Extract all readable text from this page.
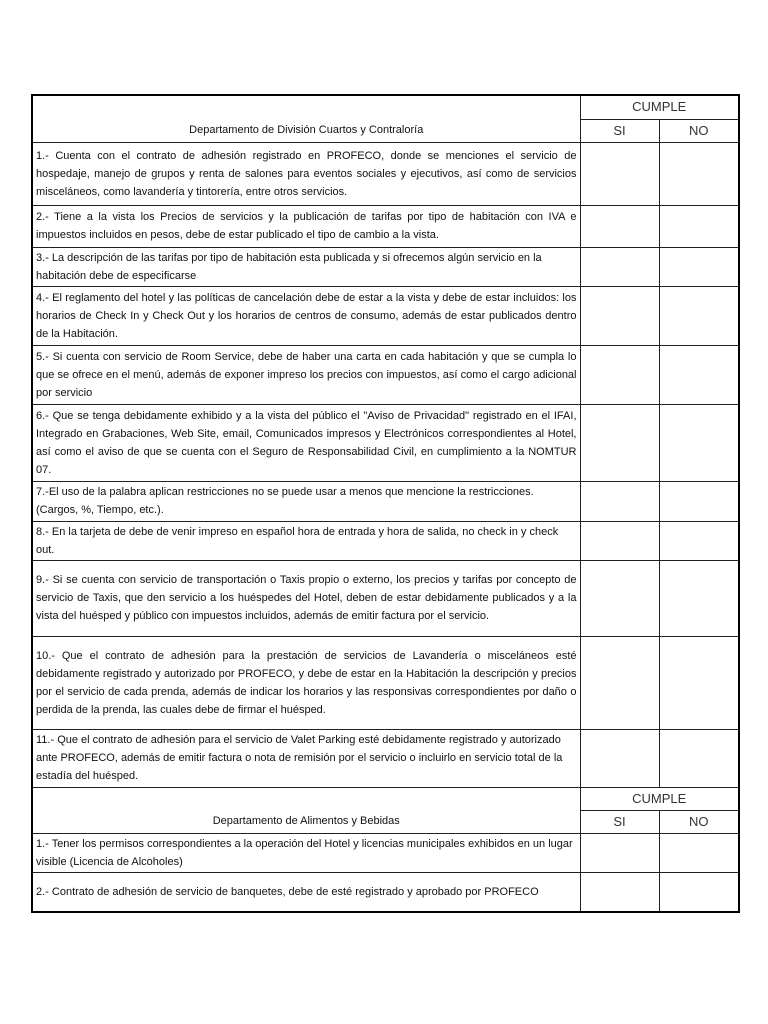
Departamento de División Cuartos y Contraloría	CUMPLE	
	SI	NO
1.- Cuenta con el contrato de adhesión registrado en PROFECO, donde se menciones el servicio de hospedaje, manejo de grupos y renta de salones para eventos sociales y ejecutivos, así como de servicios misceláneos, como lavandería y tintorería, entre otros servicios.		
2.- Tiene a la vista los Precios de servicios y la publicación de tarifas por tipo de habitación con IVA e impuestos incluidos en pesos, debe de estar publicado el tipo de cambio a la vista.		
3.- La descripción de las tarifas por tipo de habitación esta publicada y si ofrecemos algún servicio en la habitación debe de especificarse		
4.- El reglamento del hotel y las políticas de cancelación debe de estar a la vista y debe de estar incluidos: los horarios de Check In y Check Out y los horarios de centros de consumo, además de estar publicados dentro de la Habitación.		
5.- Si cuenta con servicio de Room Service, debe de haber una carta en cada habitación y que se cumpla lo que se ofrece en el menú, además de exponer impreso los precios con impuestos, así como el cargo adicional por servicio		
6.- Que se tenga debidamente exhibido y a la vista del público el "Aviso de Privacidad" registrado en el IFAI, Integrado en Grabaciones, Web Site, email, Comunicados impresos y Electrónicos correspondientes al Hotel, así como el aviso de que se cuenta con el Seguro de Responsabilidad Civil, en cumplimiento a la NOMTUR 07.		
7.-El uso de la palabra aplican restricciones no se puede usar a menos que mencione la restricciones. (Cargos, %, Tiempo, etc.).		
8.- En la tarjeta de debe de venir impreso en español hora de entrada y hora de salida, no check in y check out.		
9.- Si se cuenta con servicio de transportación o Taxis propio o externo, los precios y tarifas por concepto de servicio de Taxis, que den servicio a los huéspedes del Hotel, deben de estar debidamente publicados y a la vista del huésped y público con impuestos incluidos, además de emitir factura por el servicio.		
10.- Que el contrato de adhesión para la prestación de servicios de Lavandería o misceláneos esté debidamente registrado y autorizado por PROFECO, y debe de estar en la Habitación la descripción y precios por el servicio de cada prenda, además de indicar los horarios y las responsivas correspondientes por daño o perdida de la prenda, las cuales debe de firmar el huésped.		
11.- Que el contrato de adhesión para el servicio de Valet Parking esté debidamente registrado y autorizado ante PROFECO, además de emitir factura o nota de remisión por el servicio o incluirlo en servicio total de la estadía del huésped.		
Departamento de Alimentos y Bebidas	CUMPLE	
	SI	NO
1.- Tener los permisos correspondientes a la operación del Hotel y licencias municipales exhibidos en un lugar visible (Licencia de Alcoholes)		
2.- Contrato de adhesión de servicio de banquetes, debe de esté registrado y aprobado por PROFECO		
